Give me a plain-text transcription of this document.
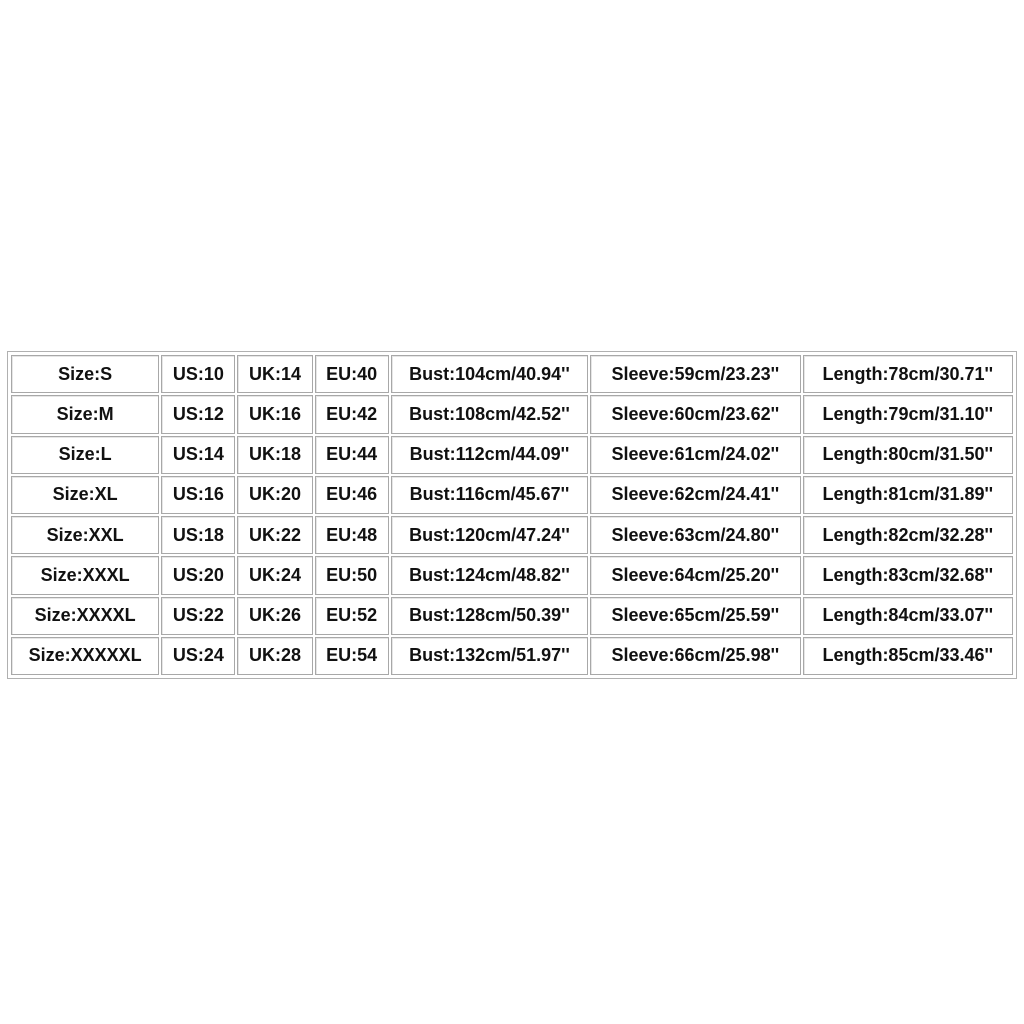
Size:S	US:10	UK:14	EU:40	Bust:104cm/40.94''	Sleeve:59cm/23.23''	Length:78cm/30.71''
Size:M	US:12	UK:16	EU:42	Bust:108cm/42.52''	Sleeve:60cm/23.62''	Length:79cm/31.10''
Size:L	US:14	UK:18	EU:44	Bust:112cm/44.09''	Sleeve:61cm/24.02''	Length:80cm/31.50''
Size:XL	US:16	UK:20	EU:46	Bust:116cm/45.67''	Sleeve:62cm/24.41''	Length:81cm/31.89''
Size:XXL	US:18	UK:22	EU:48	Bust:120cm/47.24''	Sleeve:63cm/24.80''	Length:82cm/32.28''
Size:XXXL	US:20	UK:24	EU:50	Bust:124cm/48.82''	Sleeve:64cm/25.20''	Length:83cm/32.68''
Size:XXXXL	US:22	UK:26	EU:52	Bust:128cm/50.39''	Sleeve:65cm/25.59''	Length:84cm/33.07''
Size:XXXXXL	US:24	UK:28	EU:54	Bust:132cm/51.97''	Sleeve:66cm/25.98''	Length:85cm/33.46''
